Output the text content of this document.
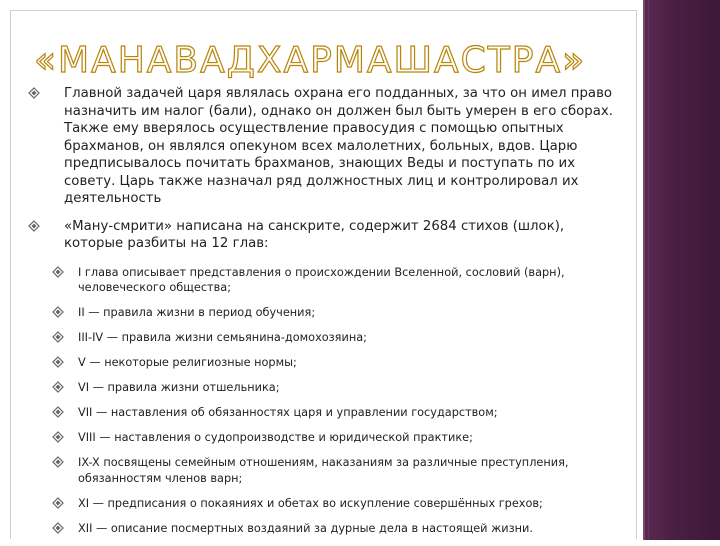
«МАНАВАДХАРМАШАСТРА»
Главной задачей царя являлась охрана его подданных, за что он имел право назначить им налог (бали), однако он должен был быть умерен в его сборах. Также ему вверялось осуществление правосудия с помощью опытных брахманов, он являлся опекуном всех малолетних, больных, вдов. Царю предписывалось почитать брахманов, знающих Веды и поступать по их совету. Царь также назначал ряд должностных лиц и контролировал их деятельность
«Ману-смрити» написана на санскрите, содержит 2684 стихов (шлок), которые разбиты на 12 глав:
I глава описывает представления о происхождении Вселенной, сословий (варн), человеческого общества;
II — правила жизни в период обучения;
III-IV — правила жизни семьянина-домохозяина;
V — некоторые религиозные нормы;
VI — правила жизни отшельника;
VII — наставления об обязанностях царя и управлении государством;
VIII — наставления о судопроизводстве и юридической практике;
IX-X посвящены семейным отношениям, наказаниям за различные преступления, обязанностям членов варн;
XI — предписания о покаяниях и обетах во искупление совершённых грехов;
XII — описание посмертных воздаяний за дурные дела в настоящей жизни.
